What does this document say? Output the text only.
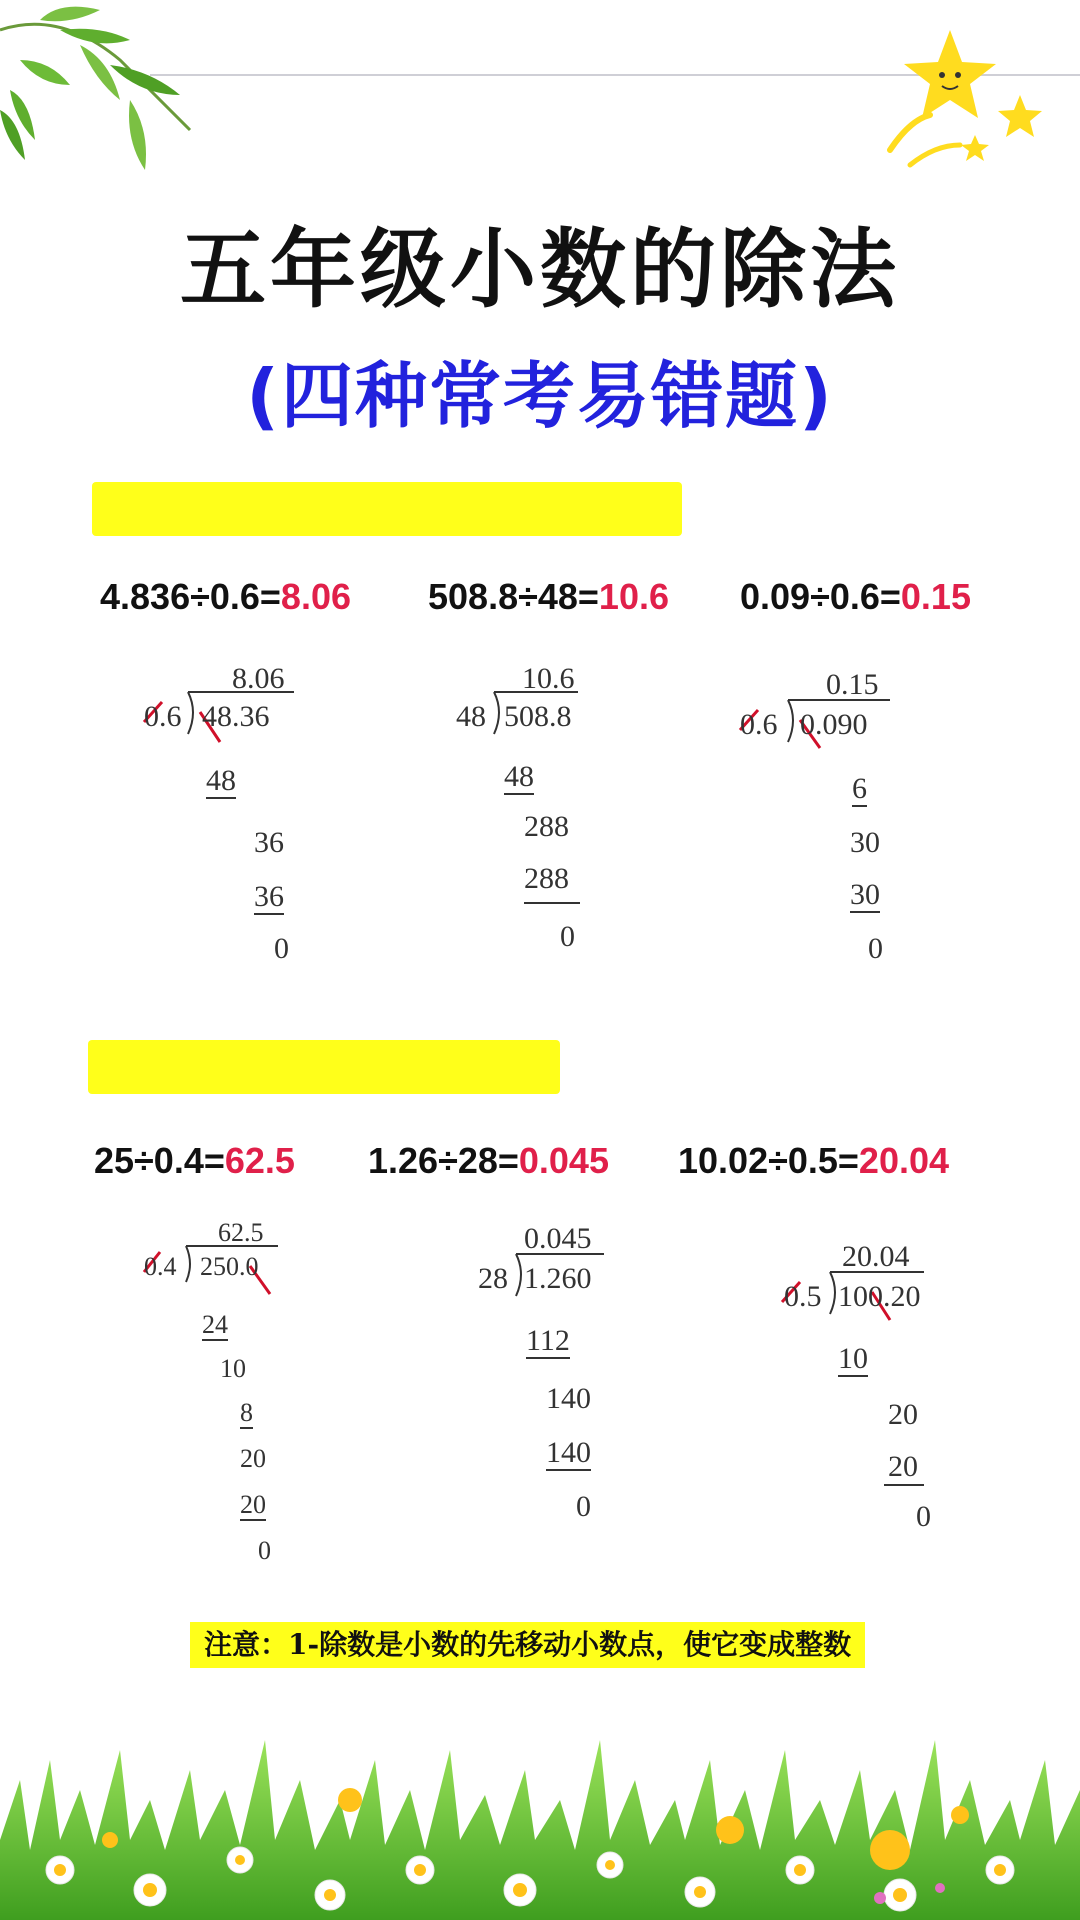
五年级小数的除法
(四种常考易错题)
4.836÷0.6=8.06 508.8÷48=10.6 0.09÷0.6=0.15
8.06
0.6 48.36
48
36
36
0
10.6
48 508.8
48
288
288
0
0.15
0.6 0.090
6
30
30
0
25÷0.4=62.5 1.26÷28=0.045 10.02÷0.5=20.04
62.5
0.4 250.0
24
10
8
20
20
0
0.045
28 1.260
112
140
140
0
20.04
0.5 100.20
10
20
20
0
注意：1-除数是小数的先移动小数点，使它变成整数
